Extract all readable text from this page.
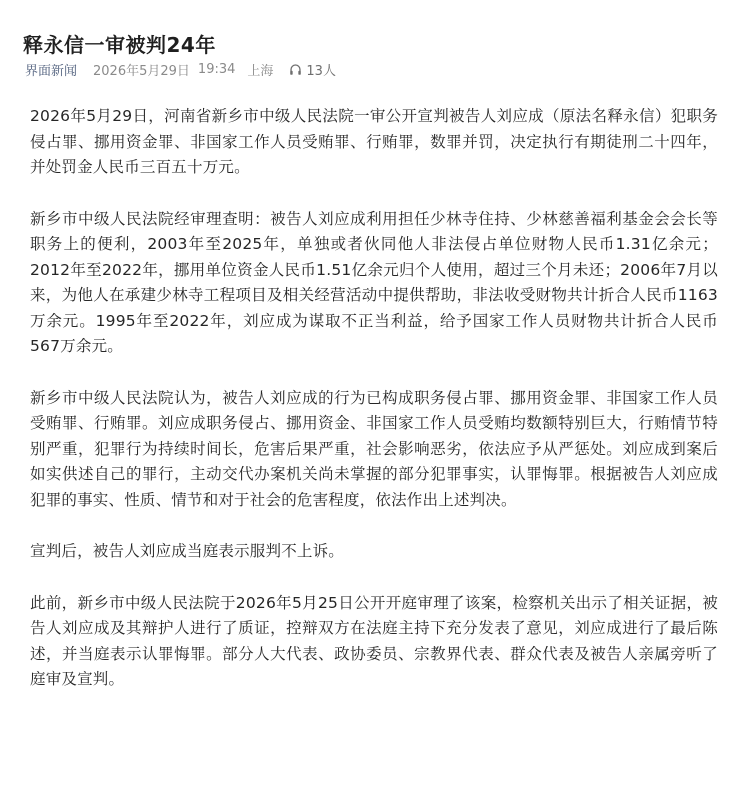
释永信一审被判24年
界面新闻 2026年5月29日 19:34 上海	13人

2026年5月29日，河南省新乡市中级人民法院一审公开宣判被告人刘应成（原法名释永信）犯职务侵占罪、挪用资金罪、非国家工作人员受贿罪、行贿罪，数罪并罚，决定执行有期徒刑二十四年，并处罚金人民币三百五十万元。

新乡市中级人民法院经审理查明：被告人刘应成利用担任少林寺住持、少林慈善福利基金会会长等职务上的便利，2003年至2025年，单独或者伙同他人非法侵占单位财物人民币1.31亿余元；2012年至2022年，挪用单位资金人民币1.51亿余元归个人使用，超过三个月未还；2006年7月以来，为他人在承建少林寺工程项目及相关经营活动中提供帮助，非法收受财物共计折合人民币1163万余元。1995年至2022年，刘应成为谋取不正当利益，给予国家工作人员财物共计折合人民币567万余元。

新乡市中级人民法院认为，被告人刘应成的行为已构成职务侵占罪、挪用资金罪、非国家工作人员受贿罪、行贿罪。刘应成职务侵占、挪用资金、非国家工作人员受贿均数额特别巨大，行贿情节特别严重，犯罪行为持续时间长，危害后果严重，社会影响恶劣，依法应予从严惩处。刘应成到案后如实供述自己的罪行，主动交代办案机关尚未掌握的部分犯罪事实，认罪悔罪。根据被告人刘应成犯罪的事实、性质、情节和对于社会的危害程度，依法作出上述判决。

宣判后，被告人刘应成当庭表示服判不上诉。

此前，新乡市中级人民法院于2026年5月25日公开开庭审理了该案，检察机关出示了相关证据，被告人刘应成及其辩护人进行了质证，控辩双方在法庭主持下充分发表了意见，刘应成进行了最后陈述，并当庭表示认罪悔罪。部分人大代表、政协委员、宗教界代表、群众代表及被告人亲属旁听了庭审及宣判。
